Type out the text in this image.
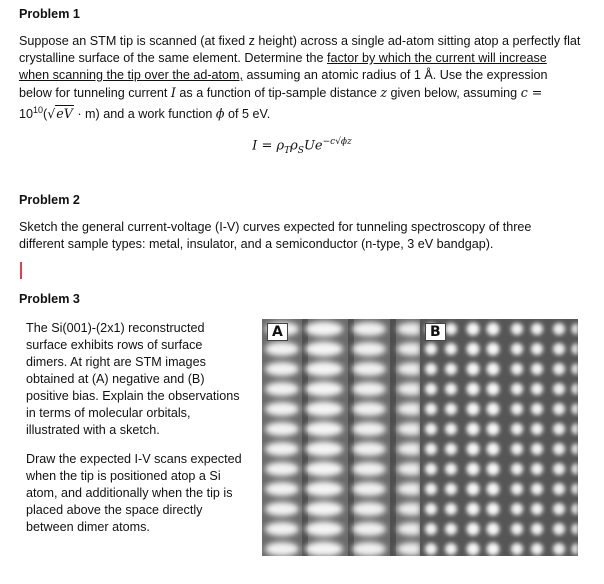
Problem 1
Suppose an STM tip is scanned (at fixed z height) across a single ad-atom sitting atop a perfectly flat
crystalline surface of the same element. Determine the factor by which the current will increase
when scanning the tip over the ad-atom, assuming an atomic radius of 1 Å. Use the expression
below for tunneling current I as a function of tip-sample distance z given below, assuming c =
$10^{10}(√eV \cdot m)$ and a work function ϕ of 5 eV.
$I = \rho_T\rho_SUe^{-c√\phi z}$
Problem 2
Sketch the general current-voltage (I-V) curves expected for tunneling spectroscopy of three
different sample types: metal, insulator, and a semiconductor (n-type, 3 eV bandgap).
Problem 3
The Si(001)-(2x1) reconstructed
surface exhibits rows of surface
dimers. At right are STM images
obtained at (A) negative and (B)
positive bias. Explain the observations
in terms of molecular orbitals,
illustrated with a sketch.
Draw the expected I-V scans expected
when the tip is positioned atop a Si
atom, and additionally when the tip is
placed above the space directly
between dimer atoms.
A	B
